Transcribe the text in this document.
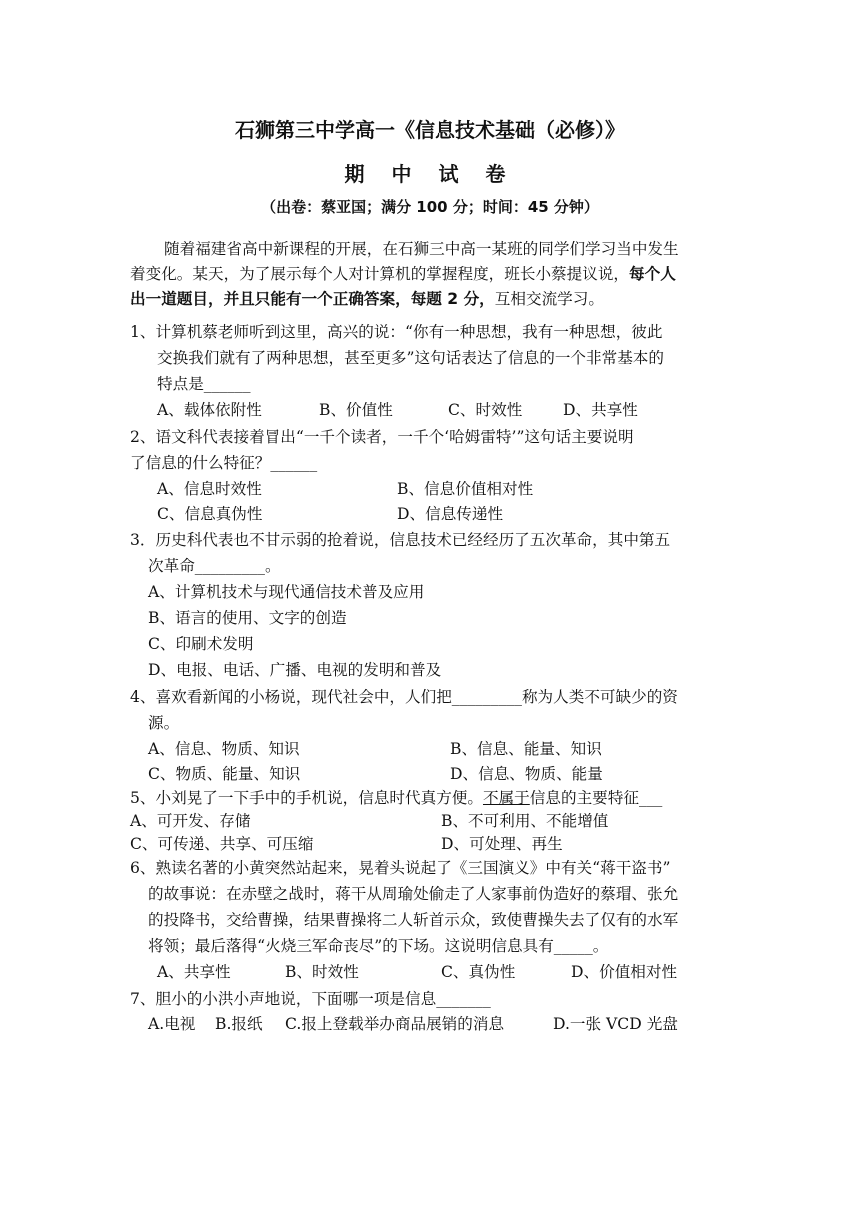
石狮第三中学高一《信息技术基础（必修）》
期 中 试 卷
（出卷：蔡亚国；满分 100 分；时间：45 分钟）
随着福建省高中新课程的开展，在石狮三中高一某班的同学们学习当中发生
着变化。某天，为了展示每个人对计算机的掌握程度，班长小蔡提议说，每个人
出一道题目，并且只能有一个正确答案，每题 2 分，互相交流学习。
1、计算机蔡老师听到这里，高兴的说：“你有一种思想，我有一种思想，彼此
交换我们就有了两种思想，甚至更多”这句话表达了信息的一个非常基本的
特点是______
A、载体依附性	B、价值性	C、时效性	D、共享性
2、语文科代表接着冒出“一千个读者，一千个‘哈姆雷特’”这句话主要说明
了信息的什么特征？______
A、信息时效性	B、信息价值相对性
C、信息真伪性	D、信息传递性
3．历史科代表也不甘示弱的抢着说，信息技术已经经历了五次革命，其中第五
次革命_________。
A、计算机技术与现代通信技术普及应用
B、语言的使用、文字的创造
C、印刷术发明
D、电报、电话、广播、电视的发明和普及
4、喜欢看新闻的小杨说，现代社会中，人们把_________称为人类不可缺少的资
源。
A、信息、物质、知识	B、信息、能量、知识
C、物质、能量、知识	D、信息、物质、能量
5、小刘晃了一下手中的手机说，信息时代真方便。不属于信息的主要特征___
A、可开发、存储	B、不可利用、不能增值
C、可传递、共享、可压缩	D、可处理、再生
6、熟读名著的小黄突然站起来，晃着头说起了《三国演义》中有关“蒋干盗书”
的故事说：在赤壁之战时，蒋干从周瑜处偷走了人家事前伪造好的蔡瑁、张允
的投降书，交给曹操，结果曹操将二人斩首示众，致使曹操失去了仅有的水军
将领；最后落得“火烧三军命丧尽”的下场。这说明信息具有_____。
A、共享性	B、时效性	C、真伪性	D、价值相对性
7、胆小的小洪小声地说，下面哪一项是信息_______
A.电视 B.报纸 C.报上登载举办商品展销的消息	D.一张 VCD 光盘
